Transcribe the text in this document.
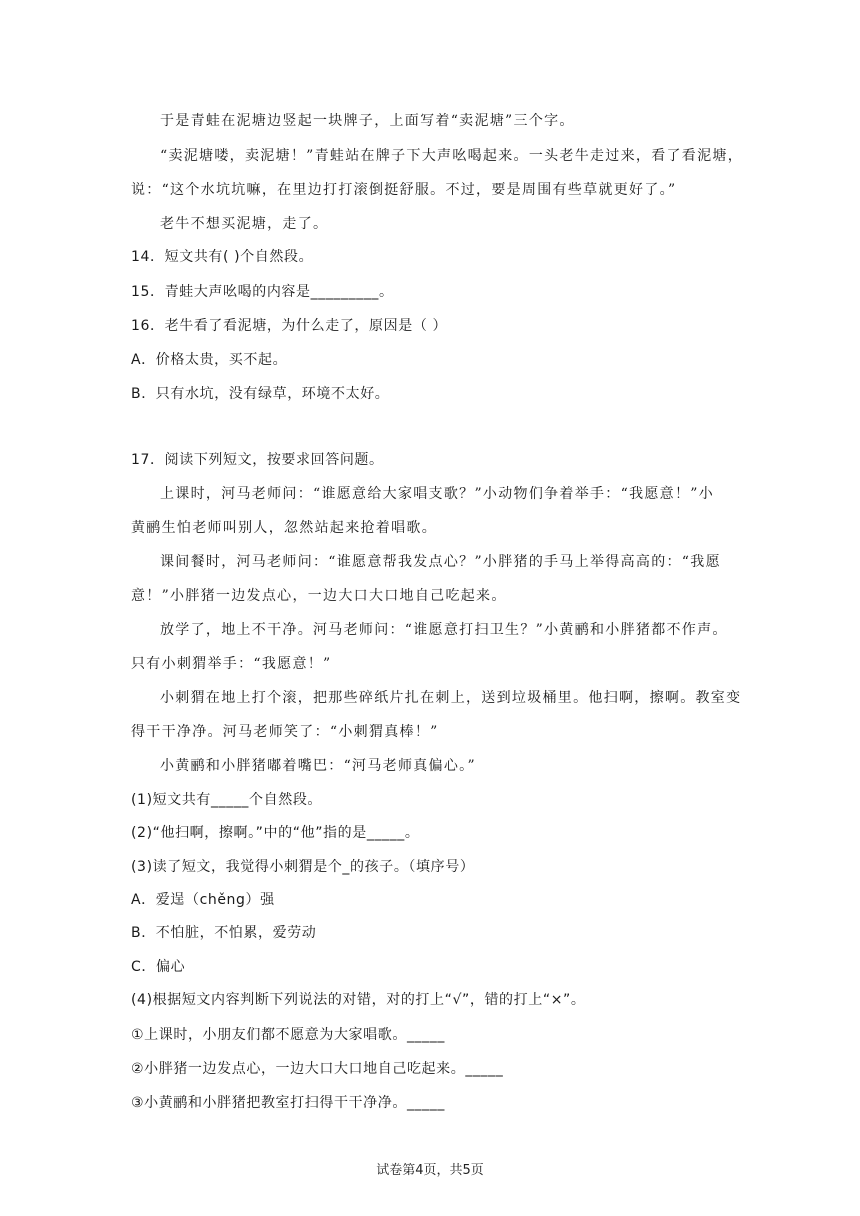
于是青蛙在泥塘边竖起一块牌子，上面写着“卖泥塘”三个字。
“卖泥塘喽，卖泥塘！”青蛙站在牌子下大声吆喝起来。一头老牛走过来，看了看泥塘，
说：“这个水坑坑嘛，在里边打打滚倒挺舒服。不过，要是周围有些草就更好了。”
老牛不想买泥塘，走了。
14．短文共有( )个自然段。
15．青蛙大声吆喝的内容是_________。
16．老牛看了看泥塘，为什么走了，原因是（ ）
A．价格太贵，买不起。
B．只有水坑，没有绿草，环境不太好。
17．阅读下列短文，按要求回答问题。
上课时，河马老师问：“谁愿意给大家唱支歌？”小动物们争着举手：“我愿意！”小
黄鹂生怕老师叫别人，忽然站起来抢着唱歌。
课间餐时，河马老师问：“谁愿意帮我发点心？”小胖猪的手马上举得高高的：“我愿
意！”小胖猪一边发点心，一边大口大口地自己吃起来。
放学了，地上不干净。河马老师问：“谁愿意打扫卫生？”小黄鹂和小胖猪都不作声。
只有小刺猬举手：“我愿意！”
小刺猬在地上打个滚，把那些碎纸片扎在刺上，送到垃圾桶里。他扫啊，擦啊。教室变
得干干净净。河马老师笑了：“小刺猬真棒！”
小黄鹂和小胖猪嘟着嘴巴：“河马老师真偏心。”
(1)短文共有_____个自然段。
(2)“他扫啊，擦啊。”中的“他”指的是_____。
(3)读了短文，我觉得小刺猬是个_的孩子。（填序号）
A．爱逞（chěng）强
B．不怕脏，不怕累，爱劳动
C．偏心
(4)根据短文内容判断下列说法的对错，对的打上“√”，错的打上“×”。
①上课时，小朋友们都不愿意为大家唱歌。_____
②小胖猪一边发点心，一边大口大口地自己吃起来。_____
③小黄鹂和小胖猪把教室打扫得干干净净。_____
试卷第4页，共5页
